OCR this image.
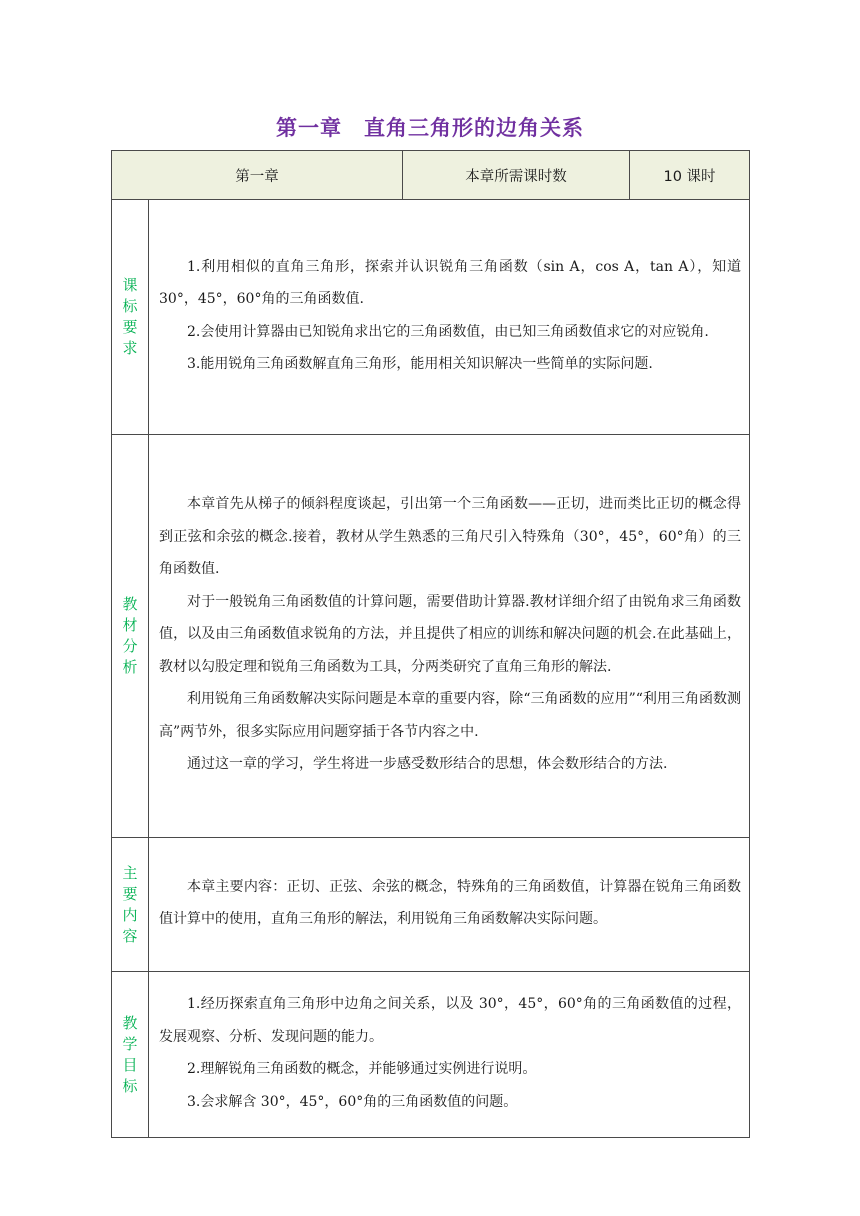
第一章　直角三角形的边角关系
第一章		本章所需课时数	10 课时
课标要求	1.利用相似的直角三角形，探索并认识锐角三角函数（sin A，cos A，tan A），知道 30°，45°，60°角的三角函数值.

2.会使用计算器由已知锐角求出它的三角函数值，由已知三角函数值求它的对应锐角.

3.能用锐角三角函数解直角三角形，能用相关知识解决一些简单的实际问题.		

教材分析	本章首先从梯子的倾斜程度谈起，引出第一个三角函数——正切，进而类比正切的概念得到正弦和余弦的概念.接着，教材从学生熟悉的三角尺引入特殊角（30°，45°，60°角）的三角函数值.

对于一般锐角三角函数值的计算问题，需要借助计算器.教材详细介绍了由锐角求三角函数值，以及由三角函数值求锐角的方法，并且提供了相应的训练和解决问题的机会.在此基础上，教材以勾股定理和锐角三角函数为工具，分两类研究了直角三角形的解法.

利用锐角三角函数解决实际问题是本章的重要内容，除“三角函数的应用”“利用三角函数测高”两节外，很多实际应用问题穿插于各节内容之中.

通过这一章的学习，学生将进一步感受数形结合的思想，体会数形结合的方法.		

主要内容	本章主要内容：正切、正弦、余弦的概念，特殊角的三角函数值，计算器在锐角三角函数值计算中的使用，直角三角形的解法，利用锐角三角函数解决实际问题。		

教学目标	1.经历探索直角三角形中边角之间关系，以及 30°，45°，60°角的三角函数值的过程，发展观察、分析、发现问题的能力。

2.理解锐角三角函数的概念，并能够通过实例进行说明。

3.会求解含 30°，45°，60°角的三角函数值的问题。		
